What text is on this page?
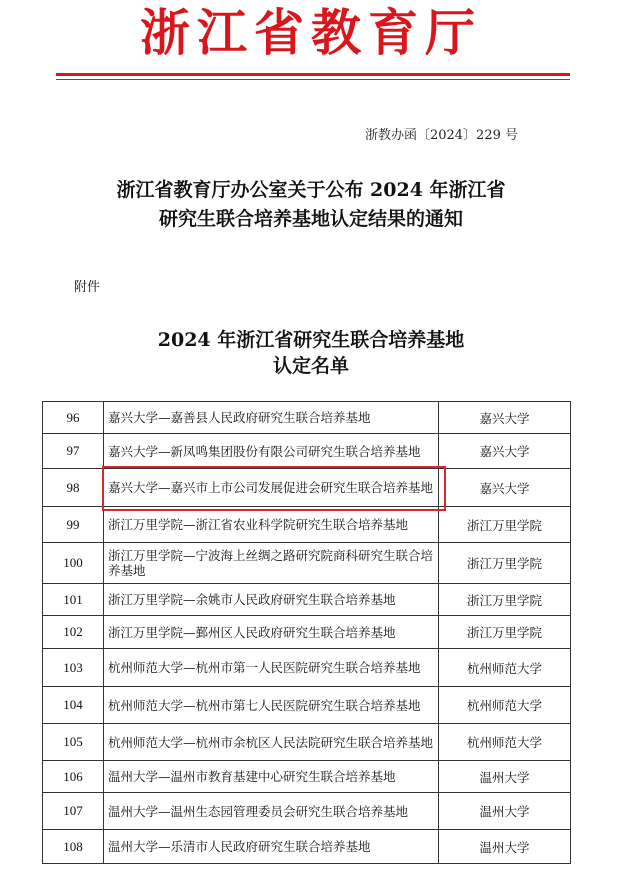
浙江省教育厅
浙教办函〔2024〕229 号
浙江省教育厅办公室关于公布 2024 年浙江省
研究生联合培养基地认定结果的通知
附件
2024 年浙江省研究生联合培养基地
认定名单
96	嘉兴大学—嘉善县人民政府研究生联合培养基地	嘉兴大学
97	嘉兴大学—新凤鸣集团股份有限公司研究生联合培养基地	嘉兴大学
98	嘉兴大学—嘉兴市上市公司发展促进会研究生联合培养基地	嘉兴大学
99	浙江万里学院—浙江省农业科学院研究生联合培养基地	浙江万里学院
100	浙江万里学院—宁波海上丝绸之路研究院商科研究生联合培养基地	浙江万里学院
101	浙江万里学院—余姚市人民政府研究生联合培养基地	浙江万里学院
102	浙江万里学院—鄞州区人民政府研究生联合培养基地	浙江万里学院
103	杭州师范大学—杭州市第一人民医院研究生联合培养基地	杭州师范大学
104	杭州师范大学—杭州市第七人民医院研究生联合培养基地	杭州师范大学
105	杭州师范大学—杭州市余杭区人民法院研究生联合培养基地	杭州师范大学
106	温州大学—温州市教育基建中心研究生联合培养基地	温州大学
107	温州大学—温州生态园管理委员会研究生联合培养基地	温州大学
108	温州大学—乐清市人民政府研究生联合培养基地	温州大学
